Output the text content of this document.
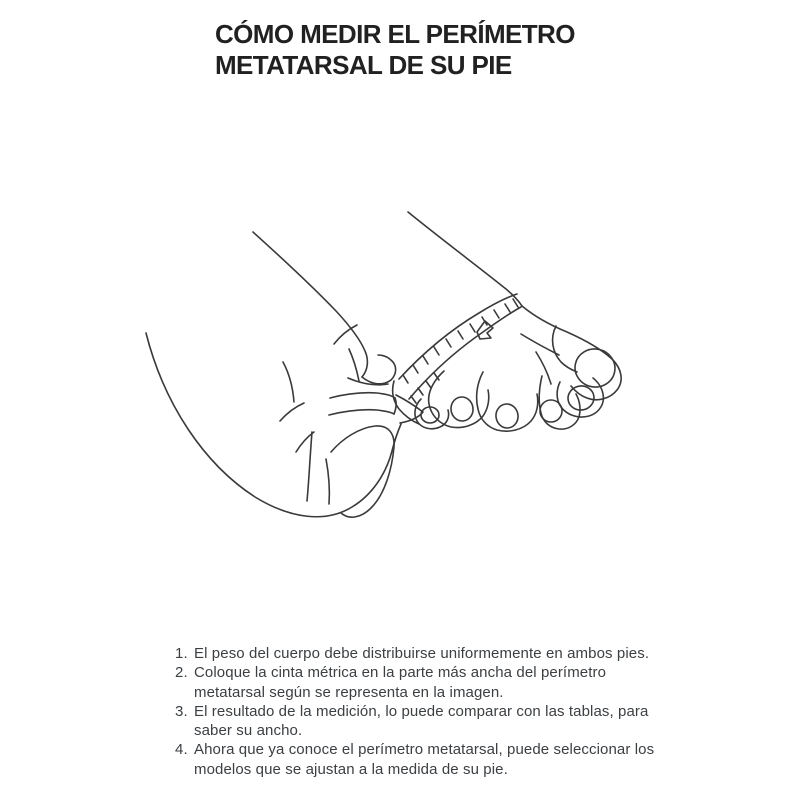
CÓMO MEDIR EL PERÍMETRO
METATARSAL DE SU PIE
1. El peso del cuerpo debe distribuirse uniformemente en ambos pies.
2. Coloque la cinta métrica en la parte más ancha del perímetro metatarsal según se representa en la imagen.
3. El resultado de la medición, lo puede comparar con las tablas, para saber su ancho.
4. Ahora que ya conoce el perímetro metatarsal, puede seleccionar los modelos que se ajustan a la medida de su pie.
